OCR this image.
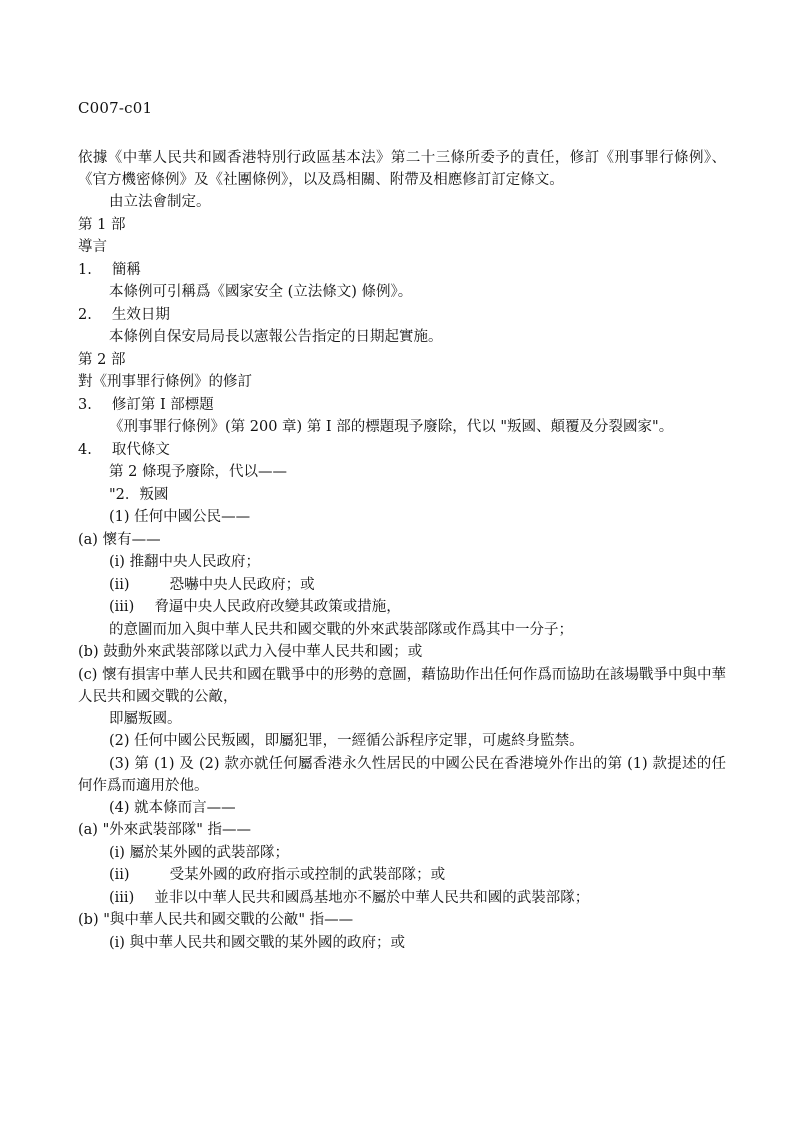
C007-c01
依據《中華人民共和國香港特別行政區基本法》第二十三條所委予的責任，修訂《刑事罪行條例》、《官方機密條例》及《社團條例》，以及爲相關、附帶及相應修訂訂定條文。
由立法會制定。
第 1 部
導言
1. 簡稱
本條例可引稱爲《國家安全 (立法條文) 條例》。
2. 生效日期
本條例自保安局局長以憲報公告指定的日期起實施。
第 2 部
對《刑事罪行條例》的修訂
3. 修訂第 I 部標題
《刑事罪行條例》(第 200 章) 第 I 部的標題現予廢除，代以 "叛國、顛覆及分裂國家"。
4. 取代條文
第 2 條現予廢除，代以——
"2．叛國
(1) 任何中國公民——
(a) 懷有——
(i) 推翻中央人民政府；
(ii)	恐嚇中央人民政府；或
(iii) 脅逼中央人民政府改變其政策或措施，
的意圖而加入與中華人民共和國交戰的外來武裝部隊或作爲其中一分子；
(b) 鼓動外來武裝部隊以武力入侵中華人民共和國；或
(c) 懷有損害中華人民共和國在戰爭中的形勢的意圖，藉協助作出任何作爲而協助在該場戰爭中與中華人民共和國交戰的公敵，
即屬叛國。
(2) 任何中國公民叛國，即屬犯罪，一經循公訴程序定罪，可處終身監禁。
(3) 第 (1) 及 (2) 款亦就任何屬香港永久性居民的中國公民在香港境外作出的第 (1) 款提述的任何作爲而適用於他。
(4) 就本條而言——
(a) "外來武裝部隊" 指——
(i) 屬於某外國的武裝部隊；
(ii)	受某外國的政府指示或控制的武裝部隊；或
(iii) 並非以中華人民共和國爲基地亦不屬於中華人民共和國的武裝部隊；
(b) "與中華人民共和國交戰的公敵" 指——
(i) 與中華人民共和國交戰的某外國的政府；或
